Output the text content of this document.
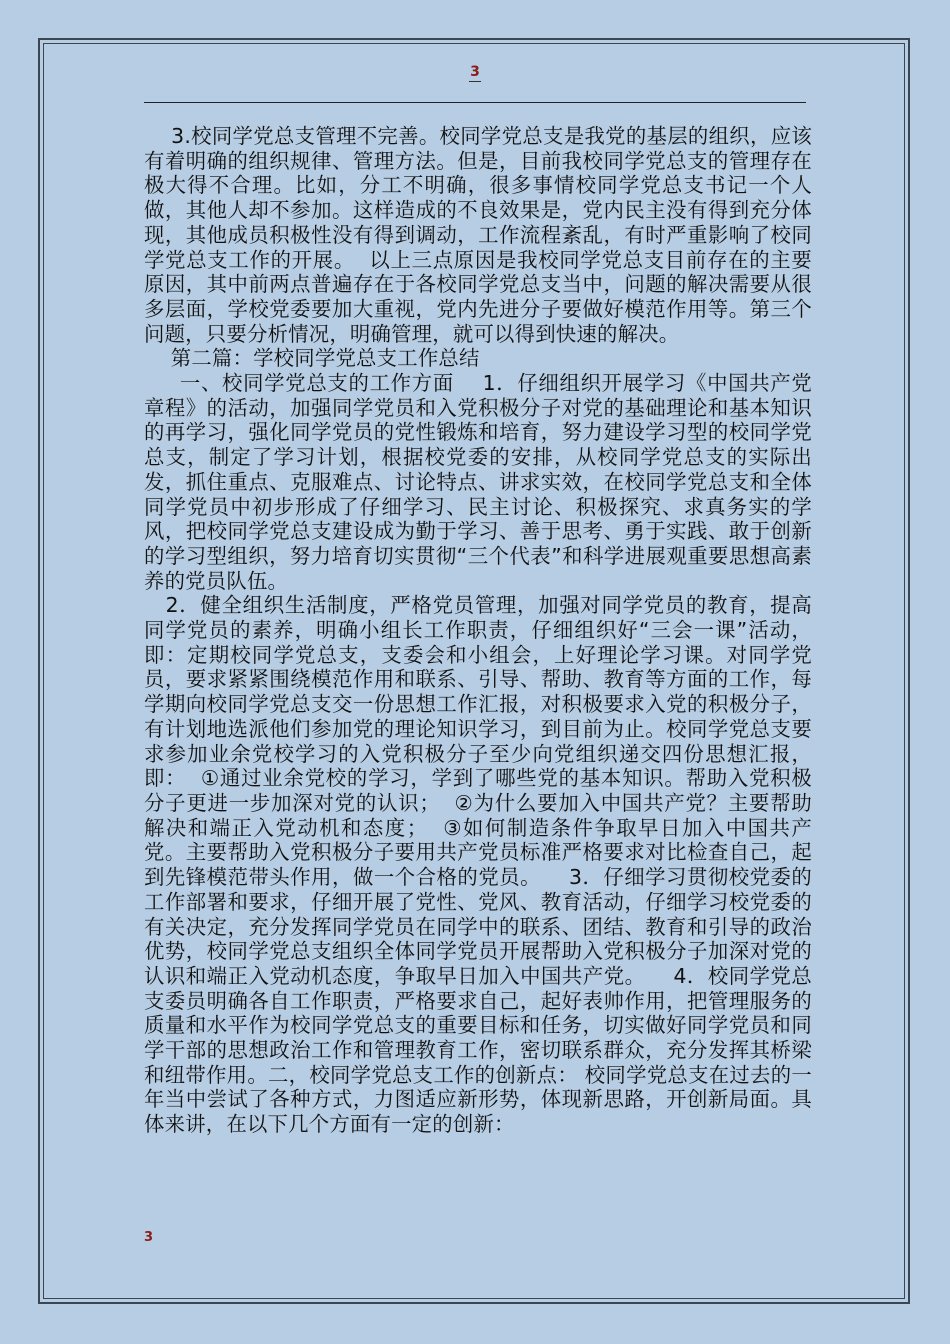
3

3.校同学党总支管理不完善。校同学党总支是我党的基层的组织，应该有着明确的组织规律、管理方法。但是，目前我校同学党总支的管理存在极大得不合理。比如，分工不明确，很多事情校同学党总支书记一个人做，其他人却不参加。这样造成的不良效果是，党内民主没有得到充分体现，其他成员积极性没有得到调动，工作流程紊乱，有时严重影响了校同学党总支工作的开展。  以上三点原因是我校同学党总支目前存在的主要原因，其中前两点普遍存在于各校同学党总支当中，问题的解决需要从很多层面，学校党委要加大重视，党内先进分子要做好模范作用等。第三个问题，只要分析情况，明确管理，就可以得到快速的解决。

第二篇：学校同学党总支工作总结

一、校同学党总支的工作方面    1．仔细组织开展学习《中国共产党章程》的活动，加强同学党员和入党积极分子对党的基础理论和基本知识的再学习，强化同学党员的党性锻炼和培育，努力建设学习型的校同学党总支，制定了学习计划，根据校党委的安排，从校同学党总支的实际出发，抓住重点、克服难点、讨论特点、讲求实效，在校同学党总支和全体同学党员中初步形成了仔细学习、民主讨论、积极探究、求真务实的学风，把校同学党总支建设成为勤于学习、善于思考、勇于实践、敢于创新的学习型组织，努力培育切实贯彻“三个代表”和科学进展观重要思想高素养的党员队伍。

2．健全组织生活制度，严格党员管理，加强对同学党员的教育，提高同学党员的素养，明确小组长工作职责，仔细组织好“三会一课”活动，即：定期校同学党总支，支委会和小组会，上好理论学习课。对同学党员，要求紧紧围绕模范作用和联系、引导、帮助、教育等方面的工作，每学期向校同学党总支交一份思想工作汇报，对积极要求入党的积极分子，有计划地选派他们参加党的理论知识学习，到目前为止。校同学党总支要求参加业余党校学习的入党积极分子至少向党组织递交四份思想汇报，即：  ①通过业余党校的学习，学到了哪些党的基本知识。帮助入党积极分子更进一步加深对党的认识；  ②为什么要加入中国共产党？主要帮助解决和端正入党动机和态度；  ③如何制造条件争取早日加入中国共产党。主要帮助入党积极分子要用共产党员标准严格要求对比检查自己，起到先锋模范带头作用，做一个合格的党员。    3．仔细学习贯彻校党委的工作部署和要求，仔细开展了党性、党风、教育活动，仔细学习校党委的有关决定，充分发挥同学党员在同学中的联系、团结、教育和引导的政治优势，校同学党总支组织全体同学党员开展帮助入党积极分子加深对党的认识和端正入党动机态度，争取早日加入中国共产党。    4．校同学党总支委员明确各自工作职责，严格要求自己，起好表帅作用，把管理服务的质量和水平作为校同学党总支的重要目标和任务，切实做好同学党员和同学干部的思想政治工作和管理教育工作，密切联系群众，充分发挥其桥梁和纽带作用。二，校同学党总支工作的创新点： 校同学党总支在过去的一年当中尝试了各种方式，力图适应新形势，体现新思路，开创新局面。具体来讲，在以下几个方面有一定的创新：

3
